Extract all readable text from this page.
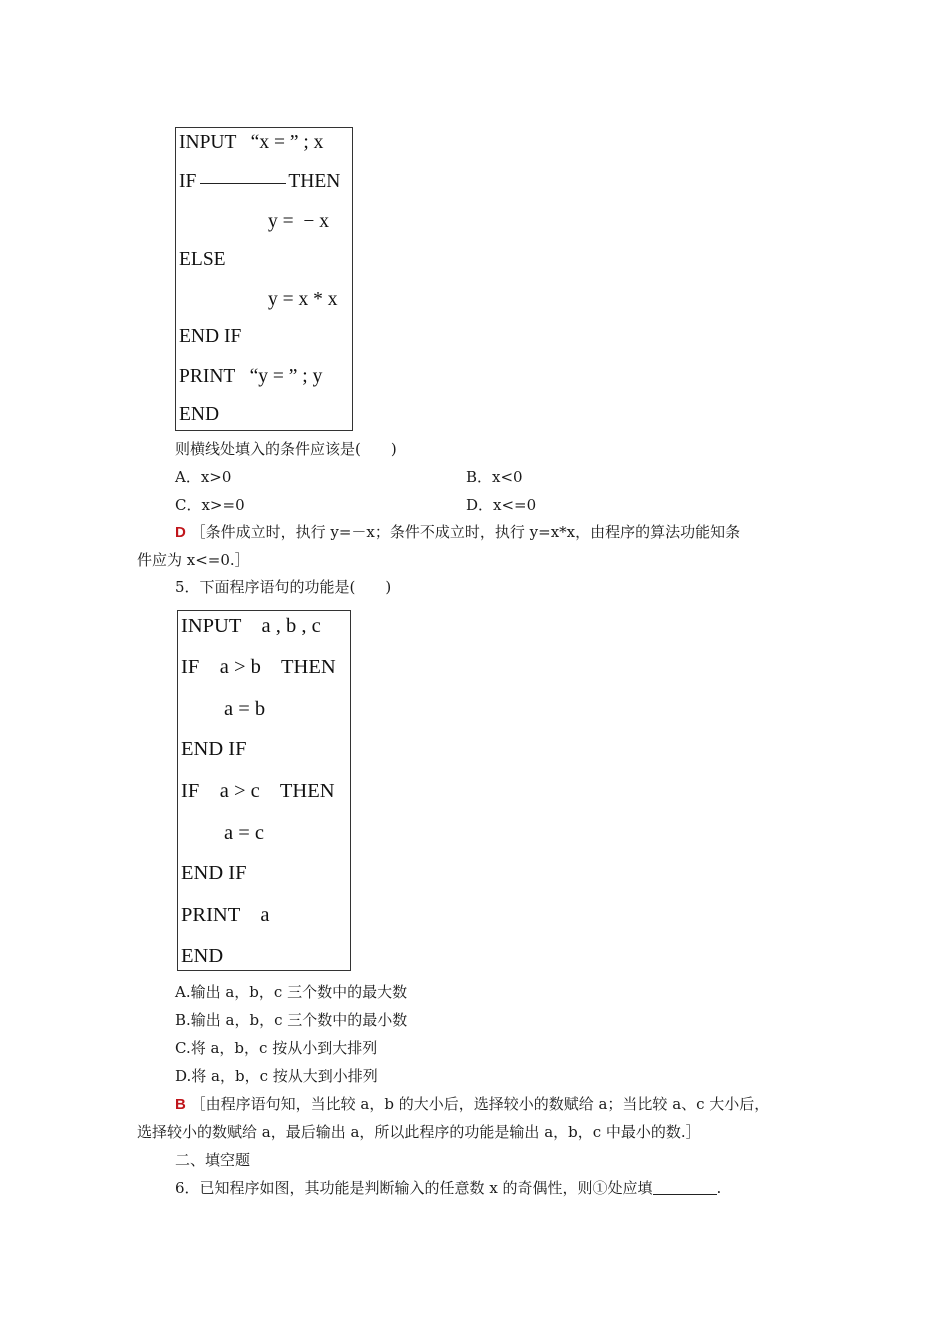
INPUT   “x = ” ; x
IF	THEN
y =  − x
ELSE
y = x * x
END IF
PRINT   “y = ” ; y
END
则横线处填入的条件应该是(　　)
A．x>0	B．x<0
C．x>=0	D．x<=0
D ［条件成立时，执行 y=－x；条件不成立时，执行 y=x*x，由程序的算法功能知条
件应为 x<=0.］
5．下面程序语句的功能是(　　)
INPUT    a , b , c
IF    a > b    THEN
a = b
END IF
IF    a > c    THEN
a = c
END IF
PRINT    a
END
A.输出 a，b，c 三个数中的最大数
B.输出 a，b，c 三个数中的最小数
C.将 a，b，c 按从小到大排列
D.将 a，b，c 按从大到小排列
B ［由程序语句知，当比较 a，b 的大小后，选择较小的数赋给 a；当比较 a、c 大小后，
选择较小的数赋给 a，最后输出 a，所以此程序的功能是输出 a，b，c 中最小的数.］
二、填空题
6．已知程序如图，其功能是判断输入的任意数 x 的奇偶性，则①处应填	.
